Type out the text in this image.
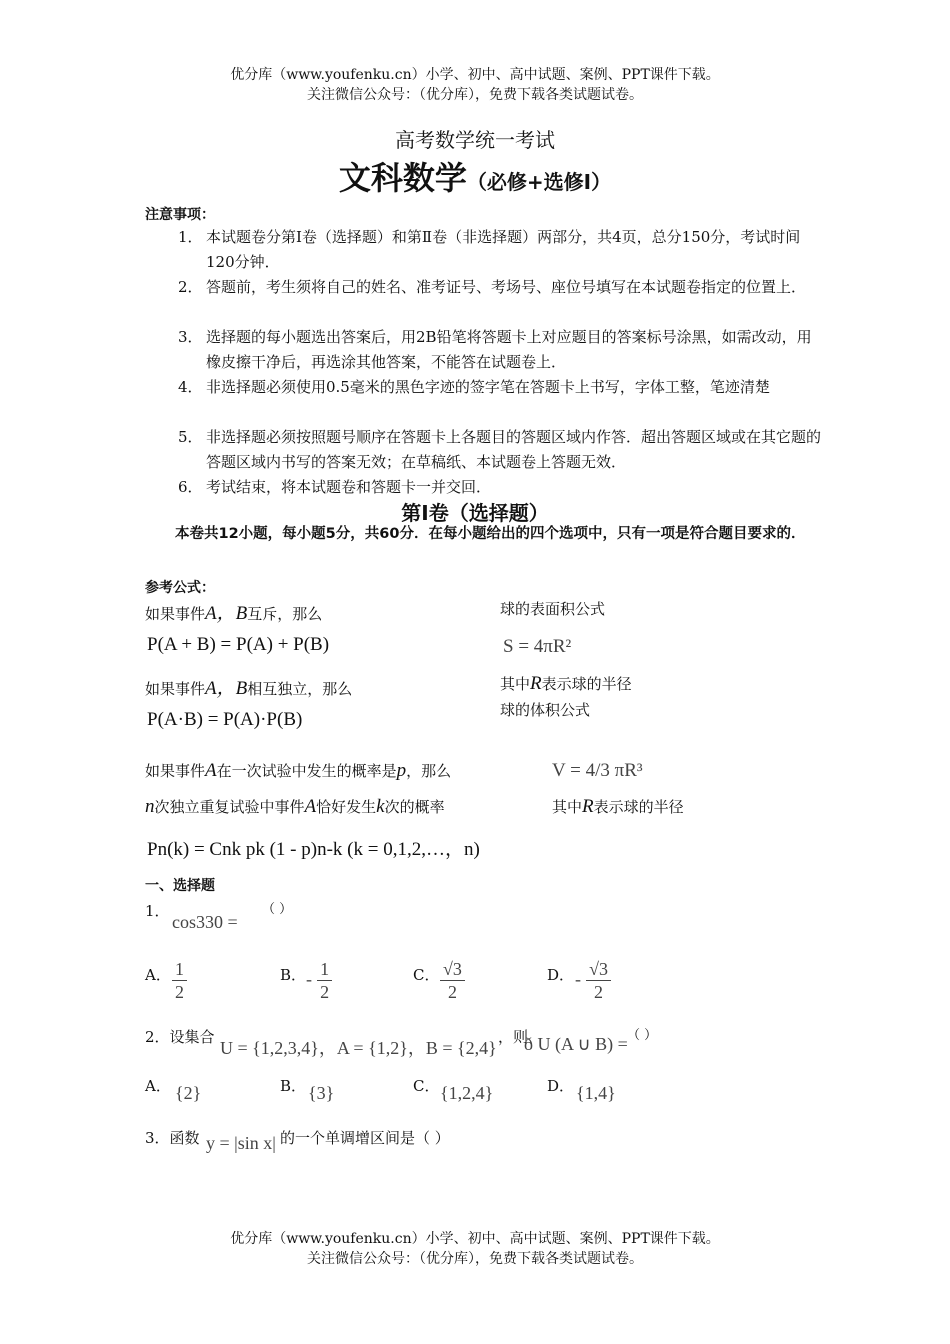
优分库（www.youfenku.cn）小学、初中、高中试题、案例、PPT课件下载。
关注微信公众号：（优分库），免费下载各类试题试卷。
高考数学统一考试
文科数学（必修+选修Ⅰ）
注意事项：
1． 本试题卷分第Ⅰ卷（选择题）和第Ⅱ卷（非选择题）两部分，共4页，总分150分，考试时间120分钟．
2． 答题前，考生须将自己的姓名、准考证号、考场号、座位号填写在本试题卷指定的位置上．
3． 选择题的每小题选出答案后，用2B铅笔将答题卡上对应题目的答案标号涂黑，如需改动，用橡皮擦干净后，再选涂其他答案，不能答在试题卷上．
4． 非选择题必须使用0.5毫米的黑色字迹的签字笔在答题卡上书写，字体工整，笔迹清楚
5． 非选择题必须按照题号顺序在答题卡上各题目的答题区域内作答．超出答题区域或在其它题的答题区域内书写的答案无效；在草稿纸、本试题卷上答题无效．
6． 考试结束，将本试题卷和答题卡一并交回．
第Ⅰ卷（选择题）
本卷共12小题，每小题5分，共60分．在每小题给出的四个选项中，只有一项是符合题目要求的．
参考公式：
如果事件A，B互斥，那么
P(A + B) = P(A) + P(B)
如果事件A，B相互独立，那么
P(A·B) = P(A)·P(B)
如果事件A在一次试验中发生的概率是p，那么
n次独立重复试验中事件A恰好发生k次的概率
Pn(k) = Cnk pk (1 - p)n-k (k = 0,1,2,…，n)
球的表面积公式
S = 4πR²
其中R表示球的半径
球的体积公式
V = 4/3 πR³
其中R表示球的半径
一、选择题
1．
cos330 =
（ ）
A． $\frac{1}{2}$	B． - $\frac{1}{2}$	C． $\frac{√3}{2}$	D． - $\frac{√3}{2}$
2．设集合
U = {1,2,3,4}，A = {1,2}，B = {2,4}
，则
ð U (A ∪ B) = （ ）
A． {2}	B． {3}	C． {1,2,4}	D． {1,4}
3．函数 y = |sin x| 的一个单调增区间是（ ）
优分库（www.youfenku.cn）小学、初中、高中试题、案例、PPT课件下载。
关注微信公众号：（优分库），免费下载各类试题试卷。
